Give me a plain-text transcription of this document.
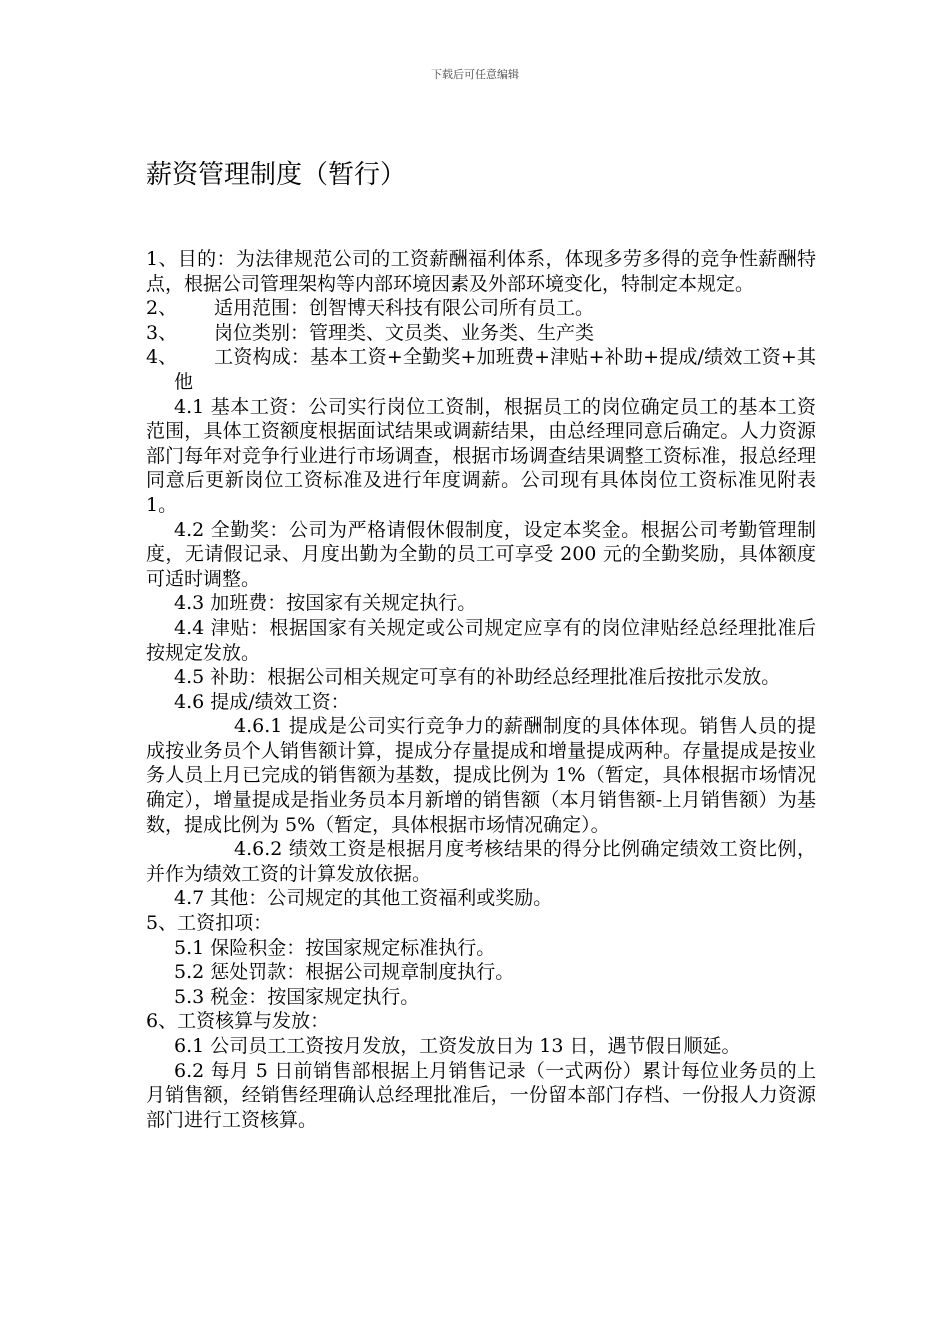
下载后可任意编辑
薪资管理制度（暂行）

1、目的：为法律规范公司的工资薪酬福利体系，体现多劳多得的竞争性薪酬特点，根据公司管理架构等内部环境因素及外部环境变化，特制定本规定。

2、 适用范围：创智博天科技有限公司所有员工。

3、 岗位类别：管理类、文员类、业务类、生产类

4、 工资构成：基本工资+全勤奖+加班费+津贴+补助+提成/绩效工资+其他

4.1 基本工资：公司实行岗位工资制，根据员工的岗位确定员工的基本工资范围，具体工资额度根据面试结果或调薪结果，由总经理同意后确定。人力资源部门每年对竞争行业进行市场调查，根据市场调查结果调整工资标准，报总经理同意后更新岗位工资标准及进行年度调薪。公司现有具体岗位工资标准见附表 1。

4.2 全勤奖：公司为严格请假休假制度，设定本奖金。根据公司考勤管理制度，无请假记录、月度出勤为全勤的员工可享受 200 元的全勤奖励，具体额度可适时调整。

4.3 加班费：按国家有关规定执行。

4.4 津贴：根据国家有关规定或公司规定应享有的岗位津贴经总经理批准后按规定发放。

4.5 补助：根据公司相关规定可享有的补助经总经理批准后按批示发放。

4.6 提成/绩效工资：

4.6.1 提成是公司实行竞争力的薪酬制度的具体体现。销售人员的提成按业务员个人销售额计算，提成分存量提成和增量提成两种。存量提成是按业务人员上月已完成的销售额为基数，提成比例为 1%（暂定，具体根据市场情况确定），增量提成是指业务员本月新增的销售额（本月销售额-上月销售额）为基数，提成比例为 5%（暂定，具体根据市场情况确定）。

4.6.2 绩效工资是根据月度考核结果的得分比例确定绩效工资比例，并作为绩效工资的计算发放依据。

4.7 其他：公司规定的其他工资福利或奖励。

5、工资扣项：

5.1 保险积金：按国家规定标准执行。

5.2 惩处罚款：根据公司规章制度执行。

5.3 税金：按国家规定执行。

6、工资核算与发放：

6.1 公司员工工资按月发放，工资发放日为 13 日，遇节假日顺延。

6.2 每月 5 日前销售部根据上月销售记录（一式两份）累计每位业务员的上月销售额，经销售经理确认总经理批准后，一份留本部门存档、一份报人力资源部门进行工资核算。
